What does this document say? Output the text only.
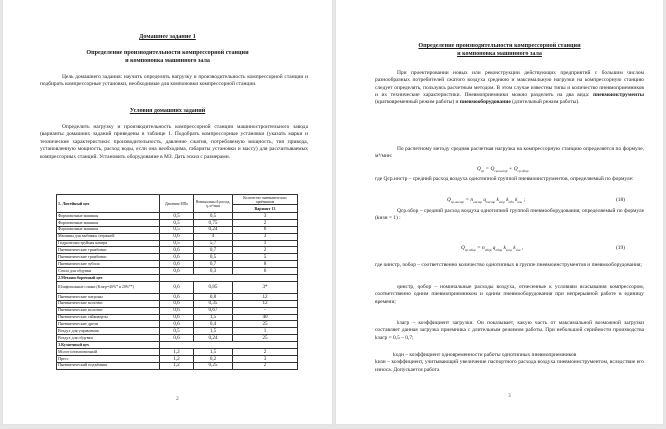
Домашнее задание 1
Определение производительности компрессорной станции
и компоновка машинного зала
Цель домашнего задания: научить определять нагрузку и производительность компрессорной станции и подбирать компрессорные установки, необходимые для компоновки компрессорной станции.
Условия домашних заданий
Определить нагрузку и производительность компрессорной станции машиностроительного завода (варианты домашних заданий приведены в таблице 1. Подобрать компрессорные установки (указать марки и технические характеристики: производительность, давление сжатия, потребляемую мощность, тип привода, установленную мощность, расход воды, если она необходима, габариты установки и массу) для рассчитываемых компрессорных станций. Установить оборудование в МЗ. Дать эскиз с размерами.
1. Литейный цех	Давление МПа	Номинальны й расход, q, м³/мин	Количество пневматических приёмников
			Вариант 13
Формовочные машины	0,5	0,5	3
Формовочные машины	0,5	0,75	2
Формовочные машины	0,5	0,24	6
Машины для выбивки стержней	0,6	4	3
Гидропескоструйная камера	0,5	5,7	1
Пневматические трамбовки	0,6	0,7	2
Пневматические трамбовки	0,6	0,5	5
Пневматические зубила	0,6	0,7	8
Сопла для обдувки	0,6	0,3	6
2.Механосборочный цех			
Шлифовальные станки (Kзагр=40%* и 20%**)	0,6	0,85	3*
Пневматические патроны	0,6	0,8	12
Пневматические молотки	0,6	0,35	12
Пневматические молотки	0,6	0,67	-
Пневматические гайковерты	0,6	1,5	40
Пневматические дрели	0,6	0,4	25
Воздух для управления	0,5	1,5	1
Воздух для обдувки	0,6	0,24	25
3.Кузнечный цех			
Молот штамповочный	1,2	1,5	2
Пресс	1,2	0,2	3
Пневматический подъёмник	1,2	0,25	2
2
Определение производительности компрессорной станции
и компоновка машинного зала
При проектировании новых или реконструкции действующих предприятий с большим числом разнообразных потребителей сжатого воздуха среднюю и максимальную нагрузки на компрессорную станцию следует определять, пользуясь расчетным методом. В этом случае известны типы и количество пневмоприемников и их технические характеристики. Пневмоприемники можно разделить на два вида: пневмоинструменты (кратковременный режим работы) и пневмооборудование (длительный режим работы).
По расчетному методу средняя расчетная нагрузка на компрессорную станцию определяется по формуле, м³/мин:
$Q_{ср} = Q_{ср.инстр} + Q_{ср.обор}$
где Qср.инстр – средний расход воздуха однотипной группой пневмоинструментов, определяемый по формуле:
$Q_{ср.инстр} = n_{инстр}$ $q_{инстр}$ $k_{загр}$ $k_{одн}$ $k_{изн}$ ;	(18)
Qср.обор – средний расход воздуха однотипной группой пневмооборудования, определяемый по формуле (kизн = 1) :
$Q_{ср.обор} = n_{обор}$ $q_{обор}$ $k_{загр}$ $k_{изн}$ ,	(19)
где nинстр, nобор – соответственно количество однотипных в группе пневмоинструментов и пневмооборудования;
qинстр, qобор – номинальные расходы воздуха, отнесенные к условиям всасывания компрессором, соответственно одним пневмоприемником и одним пневмооборудования при непрерывной работе в единицу времени;
kзагр – коэффициент загрузки. Он показывает, какую часть от максимальной возможной загрузки составляет данная загрузка приемника с длительным режимом работы. При небольшой серийности производства kзагр = 0,5 – 0,7;
kодн – коэффициент одновременности работы однотипных пневмоприемников
kизн – коэффициент, учитывающий увеличение паспортного расхода воздуха пневмоинструментом, вследствие его износа. Допускается работа
3
